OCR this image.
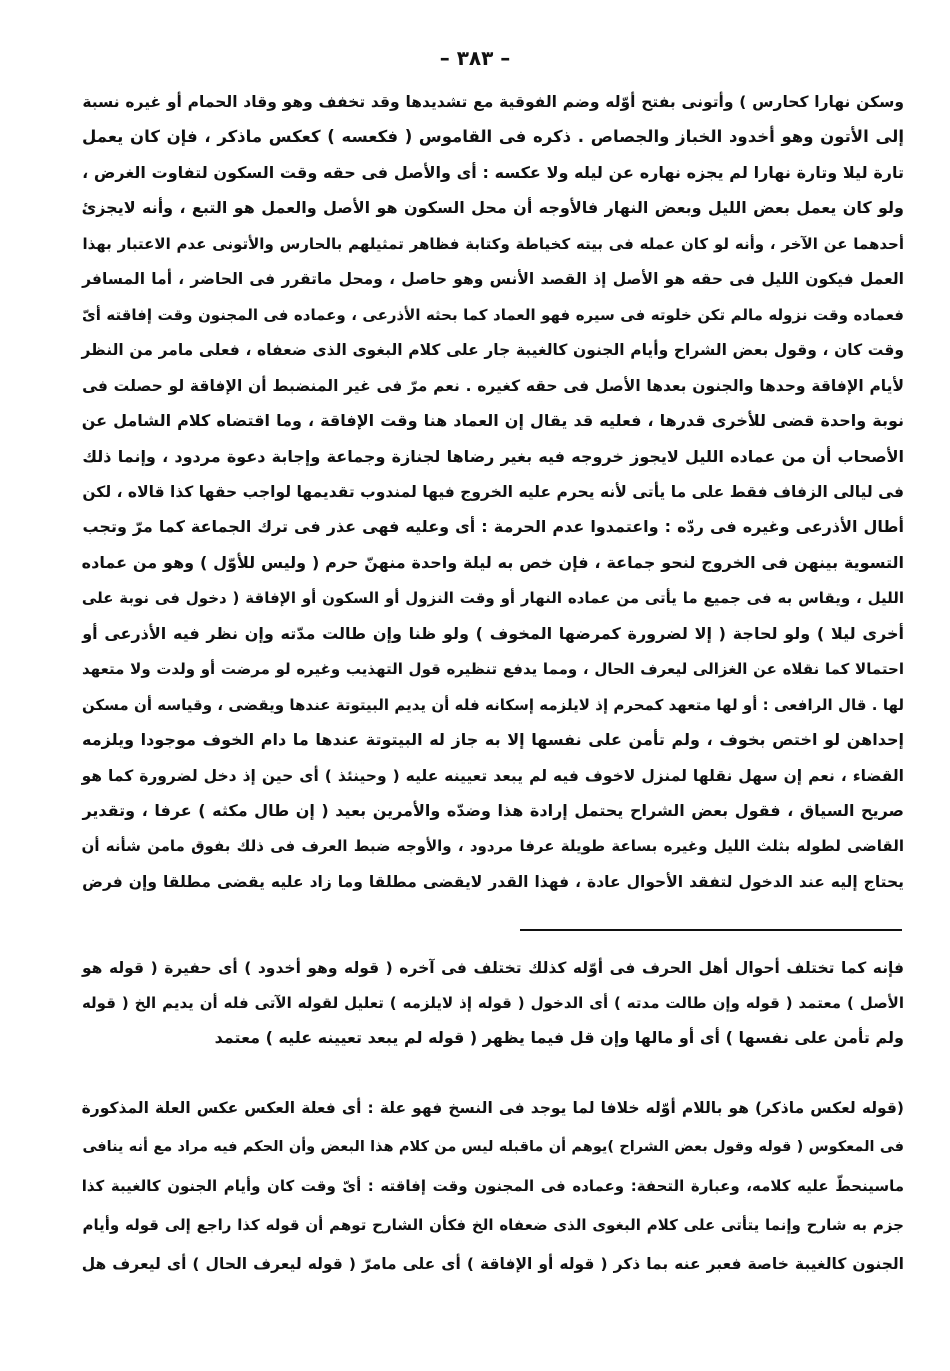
– ٣٨٣ –
وسكن نهارا كحارس ) وأتونى بفتح أوّله وضم الفوقية مع تشديدها وقد تخفف وهو وقاد الحمام أو غيره نسبة
إلى الأتون وهو أخدود الخباز والجصاص . ذكره فى القاموس ( فكعسه ) كعكس ماذكر ، فإن كان يعمل
تارة ليلا وتارة نهارا لم يجزه نهاره عن ليله ولا عكسه : أى والأصل فى حقه وقت السكون لتفاوت الغرض ،
ولو كان يعمل بعض الليل وبعض النهار فالأوجه أن محل السكون هو الأصل والعمل هو التبع ، وأنه لايجزئ
أحدهما عن الآخر ، وأنه لو كان عمله فى بيته كخياطة وكتابة فظاهر تمثيلهم بالحارس والأتونى عدم الاعتبار بهذا
العمل فيكون الليل فى حقه هو الأصل إذ القصد الأنس وهو حاصل ، ومحل ماتقرر فى الحاضر ، أما المسافر
فعماده وقت نزوله مالم تكن خلوته فى سيره فهو العماد كما بحثه الأذرعى ، وعماده فى المجنون وقت إفاقته أىّ
وقت كان ، وقول بعض الشراح وأيام الجنون كالغيبة جار على كلام البغوى الذى ضعفاه ، فعلى مامر من النظر
لأيام الإفاقة وحدها والجنون بعدها الأصل فى حقه كغيره . نعم مرّ فى غير المنضبط أن الإفاقة لو حصلت فى
نوبة واحدة قضى للأخرى قدرها ، فعليه قد يقال إن العماد هنا وقت الإفاقة ، وما اقتضاه كلام الشامل عن
الأصحاب أن من عماده الليل لايجوز خروجه فيه بغير رضاها لجنازة وجماعة وإجابة دعوة مردود ، وإنما ذلك
فى ليالى الزفاف فقط على ما يأتى لأنه يحرم عليه الخروج فيها لمندوب تقديمها لواجب حقها كذا قالاه ، لكن
أطال الأذرعى وغيره فى ردّه : واعتمدوا عدم الحرمة : أى وعليه فهى عذر فى ترك الجماعة كما مرّ وتجب
التسوية بينهن فى الخروج لنحو جماعة ، فإن خص به ليلة واحدة منهنّ حرم ( وليس للأوّل ) وهو من عماده
الليل ، ويقاس به فى جميع ما يأتى من عماده النهار أو وقت النزول أو السكون أو الإفاقة ( دخول فى نوبة على
أخرى ليلا ) ولو لحاجة ( إلا لضرورة كمرضها المخوف ) ولو ظنا وإن طالت مدّته وإن نظر فيه الأذرعى أو
احتمالا كما نقلاه عن الغزالى ليعرف الحال ، ومما يدفع تنظيره قول التهذيب وغيره لو مرضت أو ولدت ولا متعهد
لها . قال الرافعى : أو لها متعهد كمحرم إذ لايلزمه إسكانه فله أن يديم البيتوتة عندها ويقضى ، وقياسه أن مسكن
إحداهن لو اختص بخوف ، ولم تأمن على نفسها إلا به جاز له البيتوتة عندها ما دام الخوف موجودا ويلزمه
القضاء ، نعم إن سهل نقلها لمنزل لاخوف فيه لم يبعد تعيينه عليه ( وحينئذ ) أى حين إذ دخل لضرورة كما هو
صريح السياق ، فقول بعض الشراح يحتمل إرادة هذا وضدّه والأمرين بعيد ( إن طال مكثه ) عرفا ، وتقدير
القاضى لطوله بثلث الليل وغيره بساعة طويلة عرفا مردود ، والأوجه ضبط العرف فى ذلك بفوق مامن شأنه أن
يحتاج إليه عند الدخول لتفقد الأحوال عادة ، فهذا القدر لايقضى مطلقا وما زاد عليه يقضى مطلقا وإن فرض
فإنه كما تختلف أحوال أهل الحرف فى أوّله كذلك تختلف فى آخره ( قوله وهو أخدود ) أى حفيرة ( قوله هو
الأصل ) معتمد ( قوله وإن طالت مدته ) أى الدخول ( قوله إذ لايلزمه ) تعليل لقوله الآتى فله أن يديم الخ ( قوله
ولم تأمن على نفسها ) أى أو مالها وإن قل فيما يظهر ( قوله لم يبعد تعيينه عليه ) معتمد
(قوله لعكس ماذكر) هو باللام أوّله خلافا لما يوجد فى النسخ فهو علة : أى فعلة العكس عكس العلة المذكورة
فى المعكوس ( قوله وقول بعض الشراح )يوهم أن ماقبله ليس من كلام هذا البعض وأن الحكم فيه مراد مع أنه ينافى
ماسينحطّ عليه كلامه، وعبارة التحفة: وعماده فى المجنون وقت إفاقته : أىّ وقت كان وأيام الجنون كالغيبة كذا
جزم به شارح وإنما يتأتى على كلام البغوى الذى ضعفاه الخ فكأن الشارح توهم أن قوله كذا راجع إلى قوله وأيام
الجنون كالغيبة خاصة فعبر عنه بما ذكر ( قوله أو الإفاقة ) أى على مامرّ ( قوله ليعرف الحال ) أى ليعرف هل
